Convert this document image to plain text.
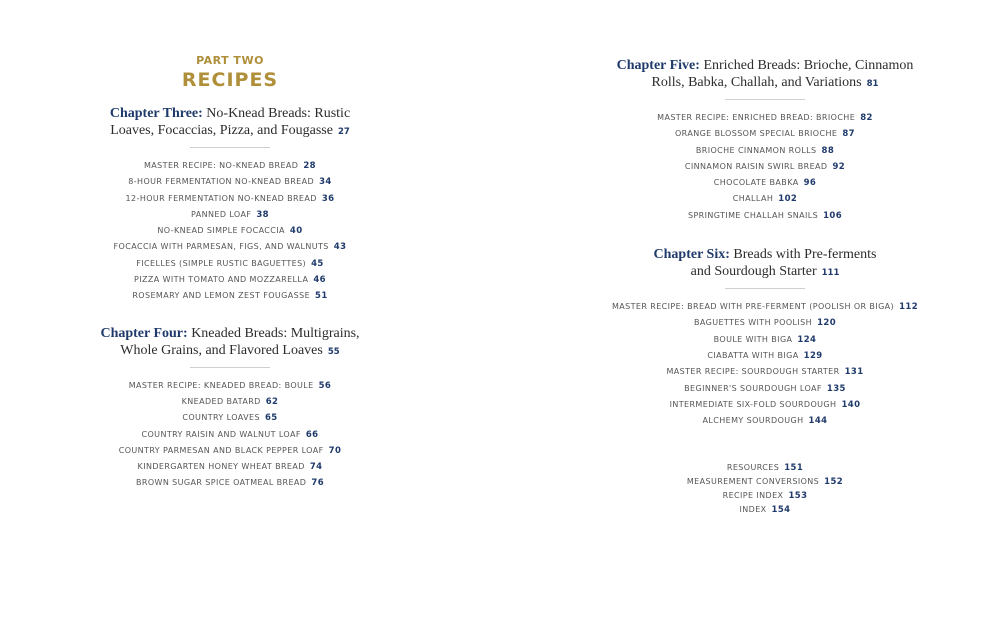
PART TWO
RECIPES
Chapter Three: No-Knead Breads: Rustic
Loaves, Focaccias, Pizza, and Fougasse 27
MASTER RECIPE: NO-KNEAD BREAD 28
8-HOUR FERMENTATION NO-KNEAD BREAD 34
12-HOUR FERMENTATION NO-KNEAD BREAD 36
PANNED LOAF 38
NO-KNEAD SIMPLE FOCACCIA 40
FOCACCIA WITH PARMESAN, FIGS, AND WALNUTS 43
FICELLES (SIMPLE RUSTIC BAGUETTES) 45
PIZZA WITH TOMATO AND MOZZARELLA 46
ROSEMARY AND LEMON ZEST FOUGASSE 51
Chapter Four: Kneaded Breads: Multigrains,
Whole Grains, and Flavored Loaves 55
MASTER RECIPE: KNEADED BREAD: BOULE 56
KNEADED BATARD 62
COUNTRY LOAVES 65
COUNTRY RAISIN AND WALNUT LOAF 66
COUNTRY PARMESAN AND BLACK PEPPER LOAF 70
KINDERGARTEN HONEY WHEAT BREAD 74
BROWN SUGAR SPICE OATMEAL BREAD 76
Chapter Five: Enriched Breads: Brioche, Cinnamon
Rolls, Babka, Challah, and Variations 81
MASTER RECIPE: ENRICHED BREAD: BRIOCHE 82
ORANGE BLOSSOM SPECIAL BRIOCHE 87
BRIOCHE CINNAMON ROLLS 88
CINNAMON RAISIN SWIRL BREAD 92
CHOCOLATE BABKA 96
CHALLAH 102
SPRINGTIME CHALLAH SNAILS 106
Chapter Six: Breads with Pre-ferments
and Sourdough Starter 111
MASTER RECIPE: BREAD WITH PRE-FERMENT (POOLISH OR BIGA) 112
BAGUETTES WITH POOLISH 120
BOULE WITH BIGA 124
CIABATTA WITH BIGA 129
MASTER RECIPE: SOURDOUGH STARTER 131
BEGINNER'S SOURDOUGH LOAF 135
INTERMEDIATE SIX-FOLD SOURDOUGH 140
ALCHEMY SOURDOUGH 144
RESOURCES 151
MEASUREMENT CONVERSIONS 152
RECIPE INDEX 153
INDEX 154
